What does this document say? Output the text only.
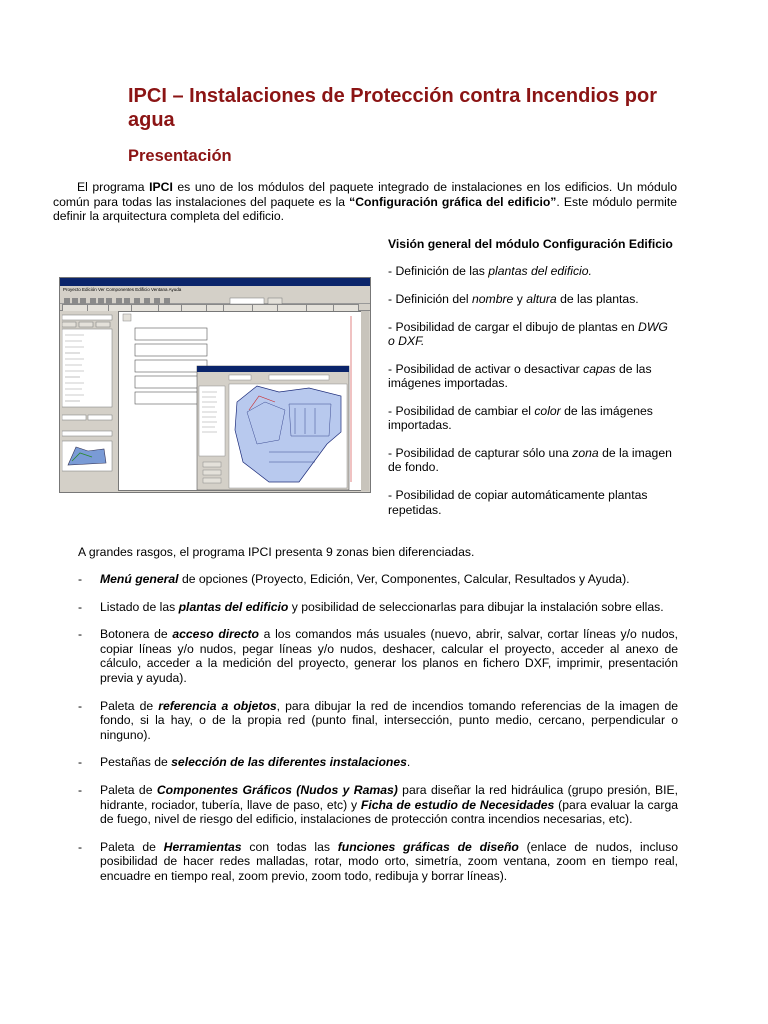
IPCI – Instalaciones de Protección contra Incendios por agua
Presentación

El programa IPCI es uno de los módulos del paquete integrado de instalaciones en los edificios. Un módulo común para todas las instalaciones del paquete es la “Configuración gráfica del edificio”. Este módulo permite definir la arquitectura completa del edificio.

Proyecto Edición Ver Componentes Edificio Ventana Ayuda

Visión general del módulo Configuración Edificio

- Definición de las plantas del edificio.

- Definición del nombre y altura de las plantas.

- Posibilidad de cargar el dibujo de plantas en DWG o DXF.

- Posibilidad de activar o desactivar capas de las imágenes importadas.

- Posibilidad de cambiar el color de las imágenes importadas.

- Posibilidad de capturar sólo una zona de la imagen de fondo.

- Posibilidad de copiar automáticamente plantas repetidas.

A grandes rasgos, el programa IPCI presenta 9 zonas bien diferenciadas.

- Menú general de opciones (Proyecto, Edición, Ver, Componentes, Calcular, Resultados y Ayuda).
- Listado de las plantas del edificio y posibilidad de seleccionarlas para dibujar la instalación sobre ellas.
- Botonera de acceso directo a los comandos más usuales (nuevo, abrir, salvar, cortar líneas y/o nudos, copiar líneas y/o nudos, pegar líneas y/o nudos, deshacer, calcular el proyecto, acceder al anexo de cálculo, acceder a la medición del proyecto, generar los planos en fichero DXF, imprimir, presentación previa y ayuda).
- Paleta de referencia a objetos, para dibujar la red de incendios tomando referencias de la imagen de fondo, si la hay, o de la propia red (punto final, intersección, punto medio, cercano, perpendicular o ninguno).
- Pestañas de selección de las diferentes instalaciones.
- Paleta de Componentes Gráficos (Nudos y Ramas) para diseñar la red hidráulica (grupo presión, BIE, hidrante, rociador, tubería, llave de paso, etc) y Ficha de estudio de Necesidades (para evaluar la carga de fuego, nivel de riesgo del edificio, instalaciones de protección contra incendios necesarias, etc).
- Paleta de Herramientas con todas las funciones gráficas de diseño (enlace de nudos, incluso posibilidad de hacer redes malladas, rotar, modo orto, simetría, zoom ventana, zoom en tiempo real, encuadre en tiempo real, zoom previo, zoom todo, redibuja y borrar líneas).
